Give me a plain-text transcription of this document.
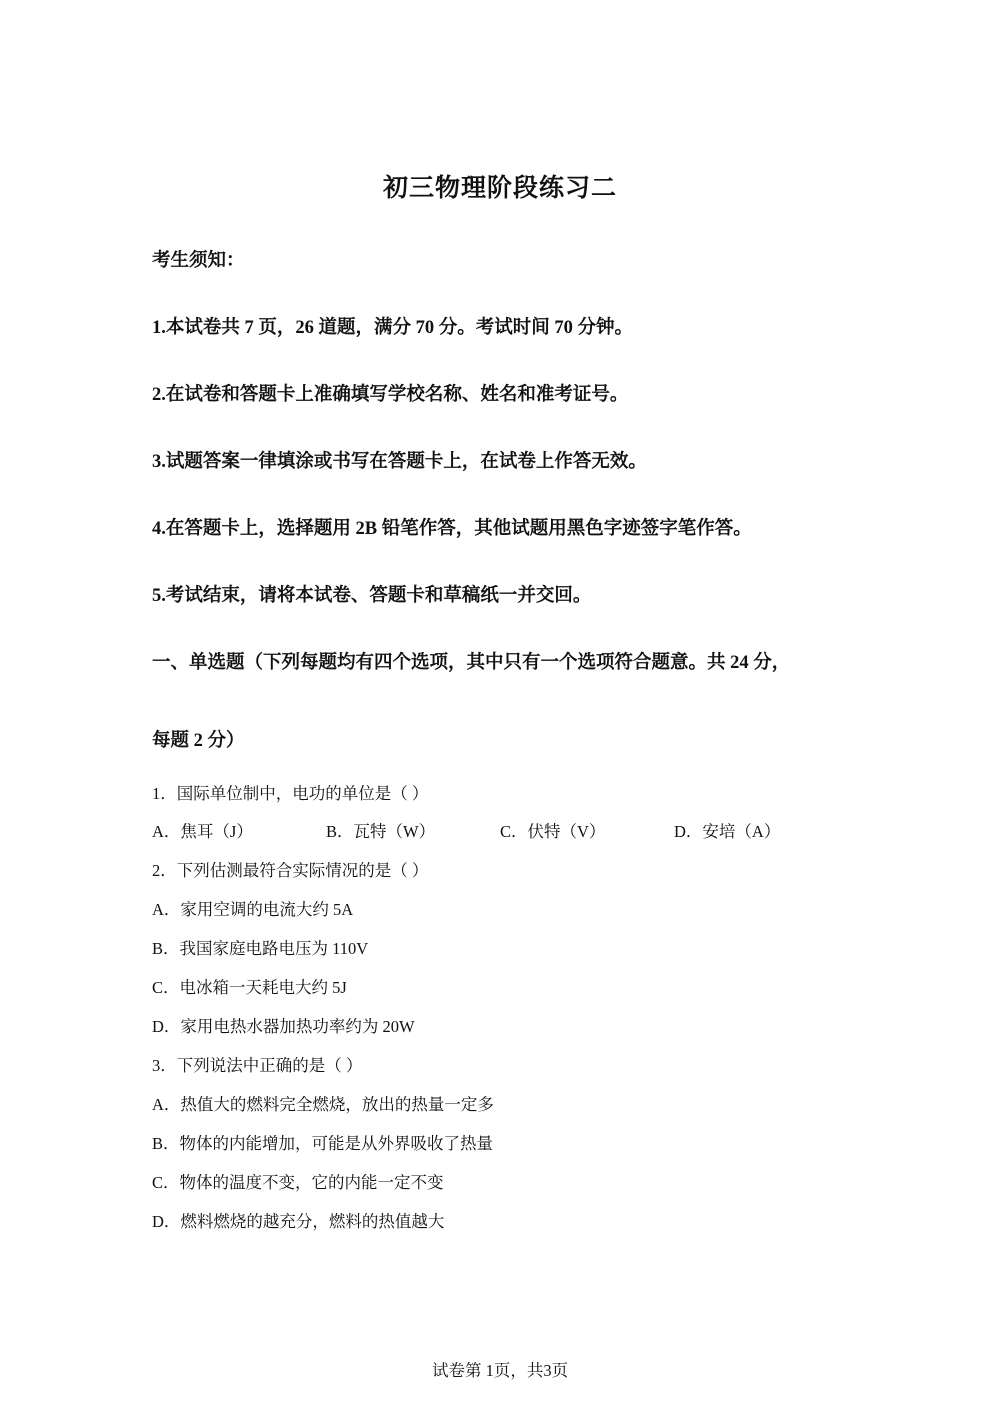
初三物理阶段练习二
考生须知：
1.本试卷共 7 页，26 道题，满分 70 分。考试时间 70 分钟。
2.在试卷和答题卡上准确填写学校名称、姓名和准考证号。
3.试题答案一律填涂或书写在答题卡上，在试卷上作答无效。
4.在答题卡上，选择题用 2B 铅笔作答，其他试题用黑色字迹签字笔作答。
5.考试结束，请将本试卷、答题卡和草稿纸一并交回。
一、单选题（下列每题均有四个选项，其中只有一个选项符合题意。共 24 分，
每题 2 分）
1．国际单位制中，电功的单位是（ ）
A．焦耳（J）	B．瓦特（W）	C．伏特（V）	D．安培（A）
2．下列估测最符合实际情况的是（ ）
A．家用空调的电流大约 5A
B．我国家庭电路电压为 110V
C．电冰箱一天耗电大约 5J
D．家用电热水器加热功率约为 20W
3．下列说法中正确的是（ ）
A．热值大的燃料完全燃烧，放出的热量一定多
B．物体的内能增加，可能是从外界吸收了热量
C．物体的温度不变，它的内能一定不变
D．燃料燃烧的越充分，燃料的热值越大
试卷第 1页，共3页
